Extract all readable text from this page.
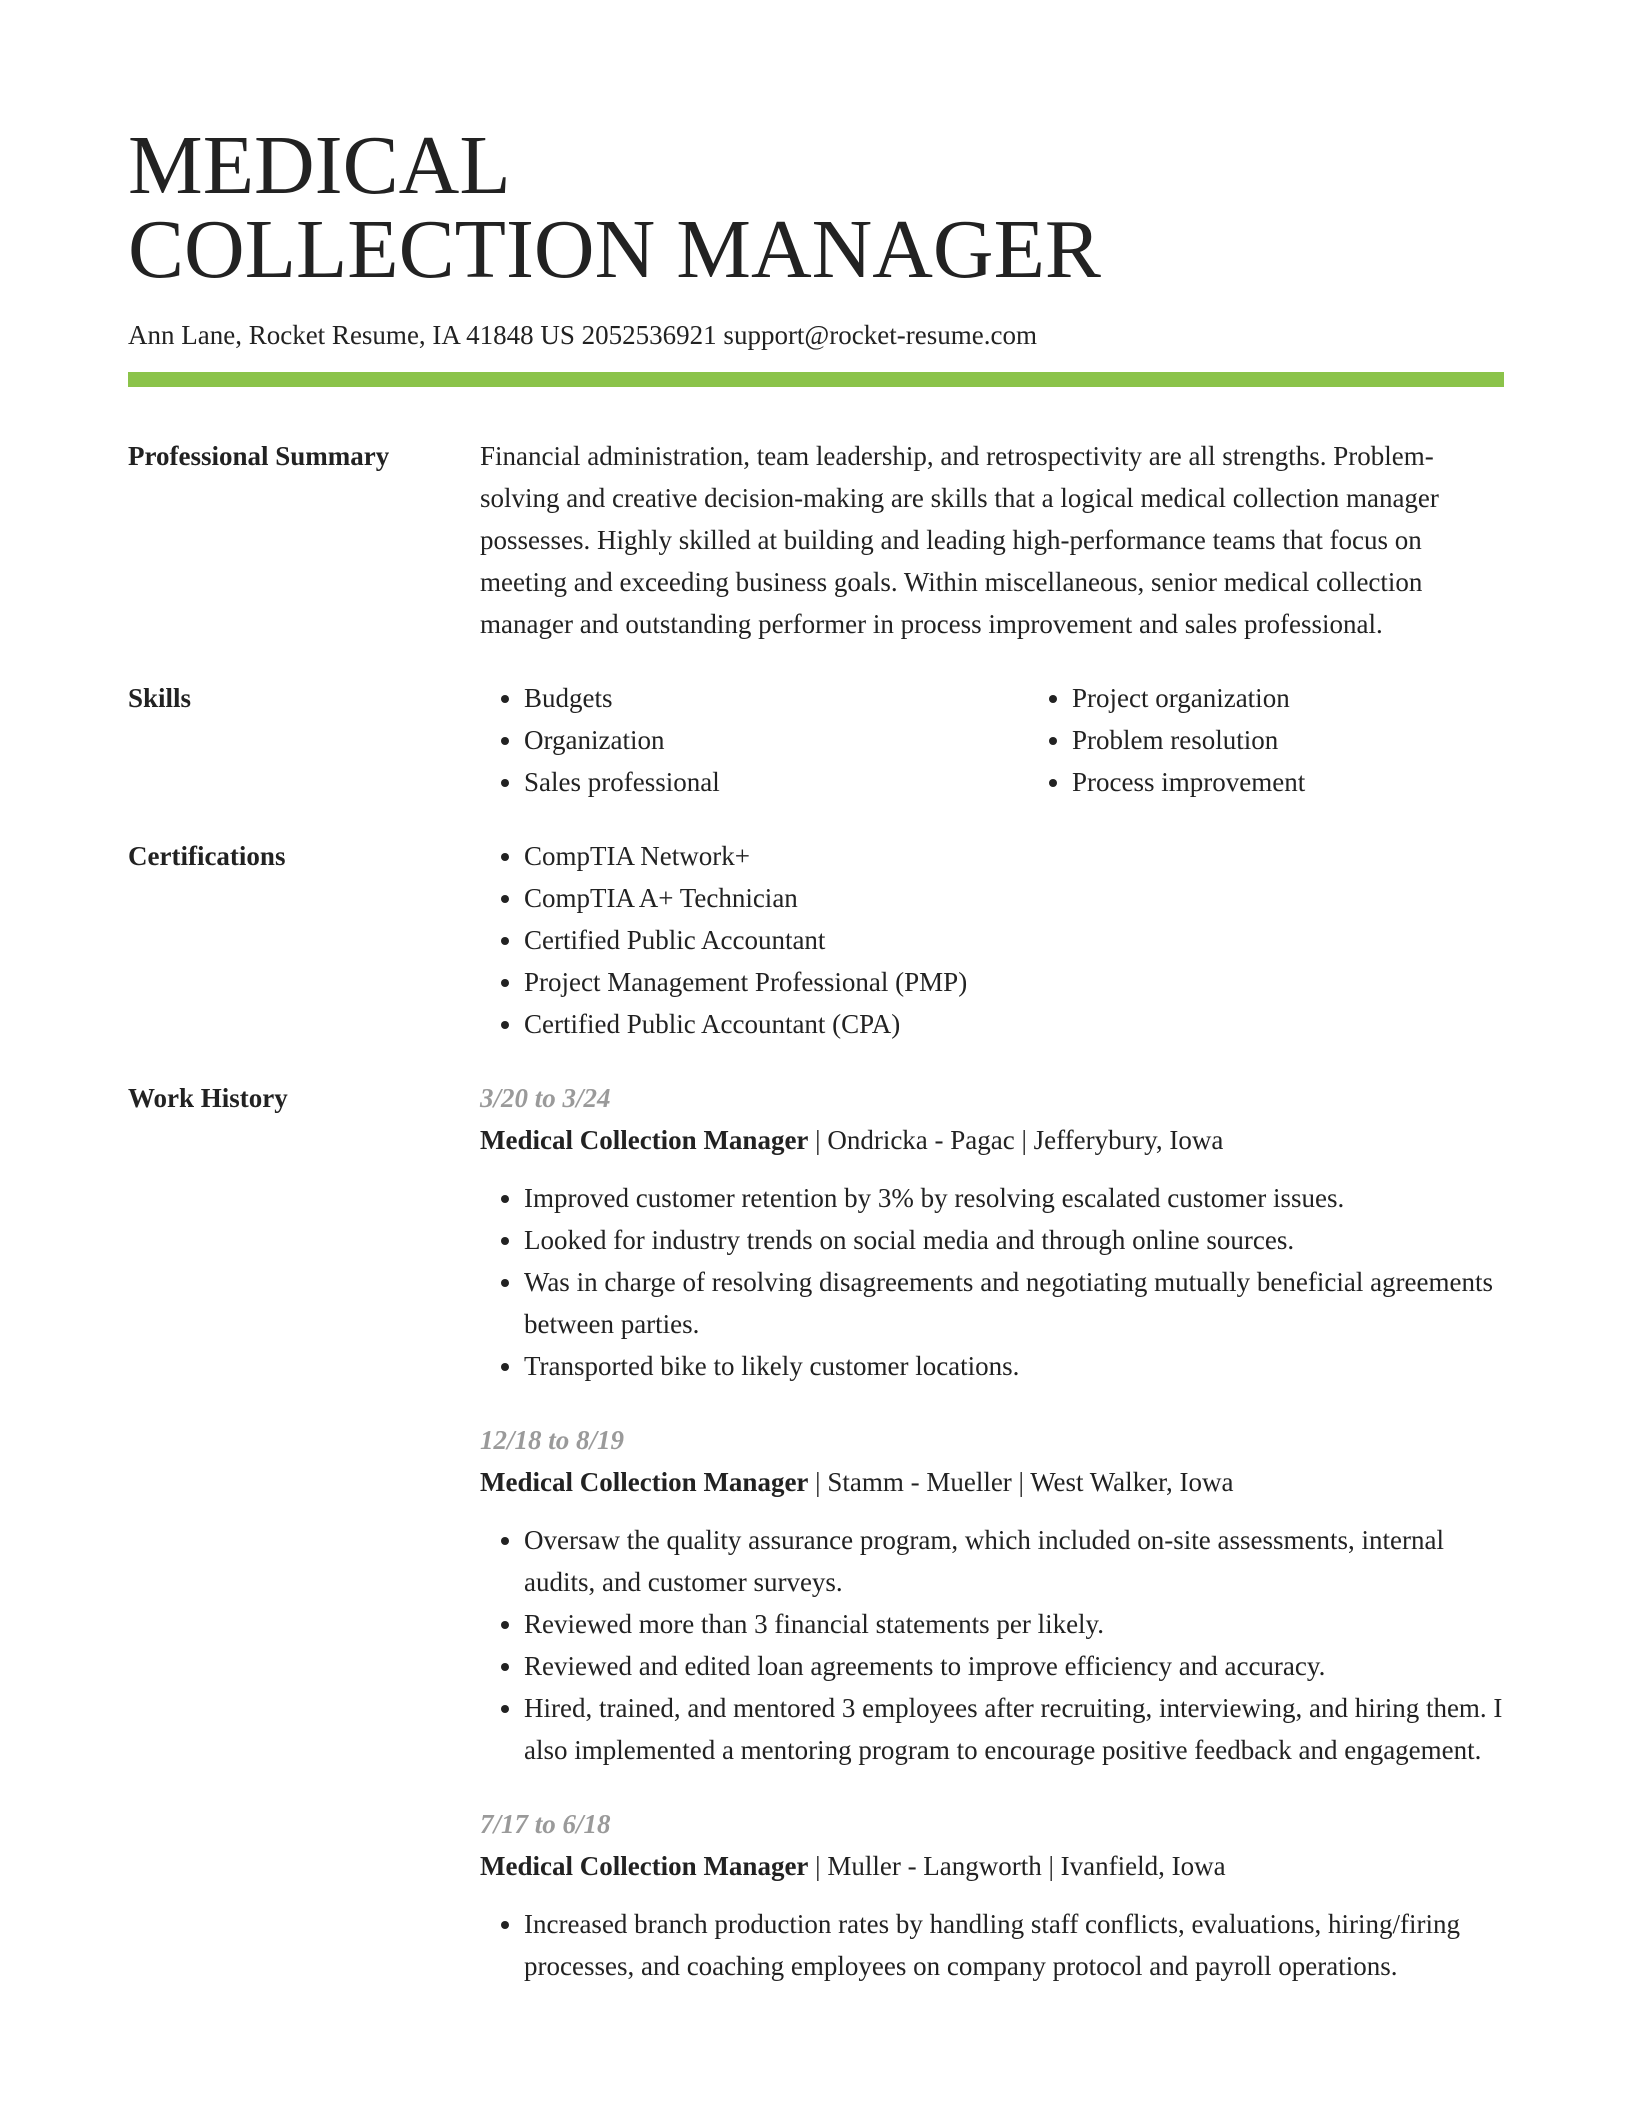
MEDICAL
COLLECTION MANAGER
Ann Lane, Rocket Resume, IA 41848 US 2052536921 support@rocket-resume.com
Professional Summary	Financial administration, team leadership, and retrospectivity are all strengths. Problem-solving and creative decision-making are skills that a logical medical collection manager possesses. Highly skilled at building and leading high-performance teams that focus on meeting and exceeding business goals. Within miscellaneous, senior medical collection manager and outstanding performer in process improvement and sales professional.

Skills	• Budgets
• Organization
• Sales professional
• Project organization
• Problem resolution
• Process improvement
Certifications	• CompTIA Network+
• CompTIA A+ Technician
• Certified Public Accountant
• Project Management Professional (PMP)
• Certified Public Accountant (CPA)
Work History	3/20 to 3/24
Medical Collection Manager | Ondricka - Pagac | Jefferybury, Iowa
• Improved customer retention by 3% by resolving escalated customer issues.
• Looked for industry trends on social media and through online sources.
• Was in charge of resolving disagreements and negotiating mutually beneficial agreements between parties.
• Transported bike to likely customer locations.
12/18 to 8/19
Medical Collection Manager | Stamm - Mueller | West Walker, Iowa
• Oversaw the quality assurance program, which included on-site assessments, internal audits, and customer surveys.
• Reviewed more than 3 financial statements per likely.
• Reviewed and edited loan agreements to improve efficiency and accuracy.
• Hired, trained, and mentored 3 employees after recruiting, interviewing, and hiring them. I also implemented a mentoring program to encourage positive feedback and engagement.
7/17 to 6/18
Medical Collection Manager | Muller - Langworth | Ivanfield, Iowa
• Increased branch production rates by handling staff conflicts, evaluations, hiring/firing processes, and coaching employees on company protocol and payroll operations.
